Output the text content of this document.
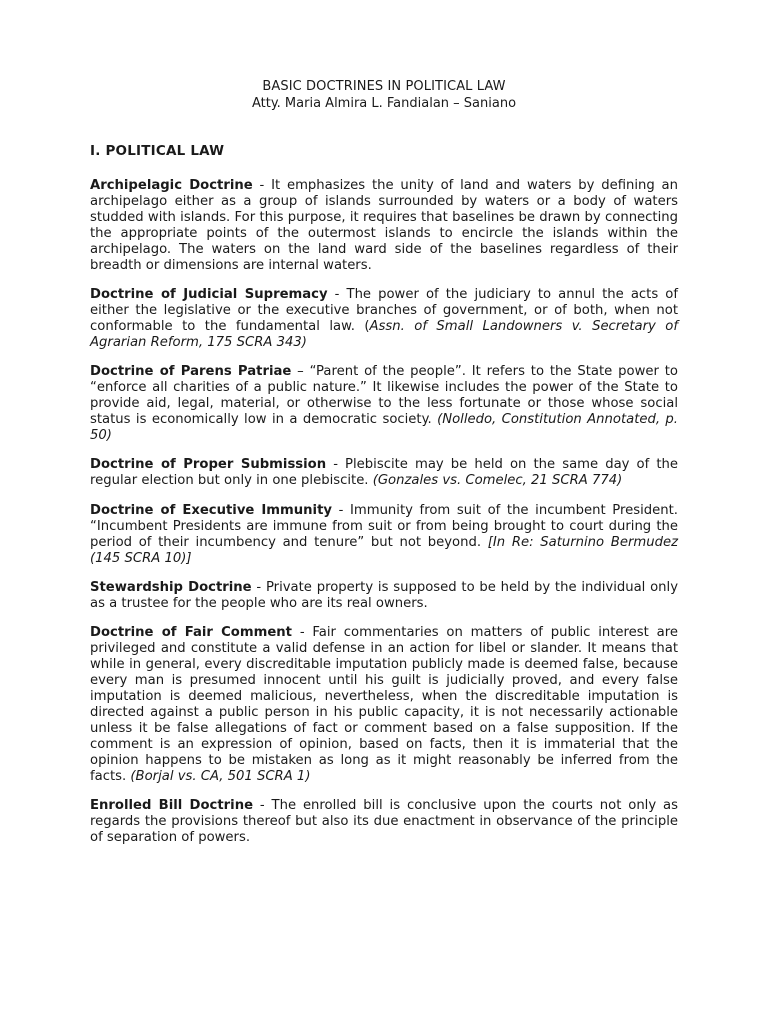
BASIC DOCTRINES IN POLITICAL LAW
Atty. Maria Almira L. Fandialan – Saniano
I. POLITICAL LAW

Archipelagic Doctrine - It emphasizes the unity of land and waters by defining an archipelago either as a group of islands surrounded by waters or a body of waters studded with islands. For this purpose, it requires that baselines be drawn by connecting the appropriate points of the outermost islands to encircle the islands within the archipelago. The waters on the land ward side of the baselines regardless of their breadth or dimensions are internal waters.

Doctrine of Judicial Supremacy - The power of the judiciary to annul the acts of either the legislative or the executive branches of government, or of both, when not conformable to the fundamental law. (Assn. of Small Landowners v. Secretary of Agrarian Reform, 175 SCRA 343)

Doctrine of Parens Patriae – “Parent of the people”. It refers to the State power to “enforce all charities of a public nature.” It likewise includes the power of the State to provide aid, legal, material, or otherwise to the less fortunate or those whose social status is economically low in a democratic society. (Nolledo, Constitution Annotated, p. 50)

Doctrine of Proper Submission - Plebiscite may be held on the same day of the regular election but only in one plebiscite. (Gonzales vs. Comelec, 21 SCRA 774)

Doctrine of Executive Immunity - Immunity from suit of the incumbent President. “Incumbent Presidents are immune from suit or from being brought to court during the period of their incumbency and tenure” but not beyond. [In Re: Saturnino Bermudez (145 SCRA 10)]

Stewardship Doctrine - Private property is supposed to be held by the individual only as a trustee for the people who are its real owners.

Doctrine of Fair Comment - Fair commentaries on matters of public interest are privileged and constitute a valid defense in an action for libel or slander. It means that while in general, every discreditable imputation publicly made is deemed false, because every man is presumed innocent until his guilt is judicially proved, and every false imputation is deemed malicious, nevertheless, when the discreditable imputation is directed against a public person in his public capacity, it is not necessarily actionable unless it be false allegations of fact or comment based on a false supposition. If the comment is an expression of opinion, based on facts, then it is immaterial that the opinion happens to be mistaken as long as it might reasonably be inferred from the facts. (Borjal vs. CA, 501 SCRA 1)

Enrolled Bill Doctrine - The enrolled bill is conclusive upon the courts not only as regards the provisions thereof but also its due enactment in observance of the principle of separation of powers.
